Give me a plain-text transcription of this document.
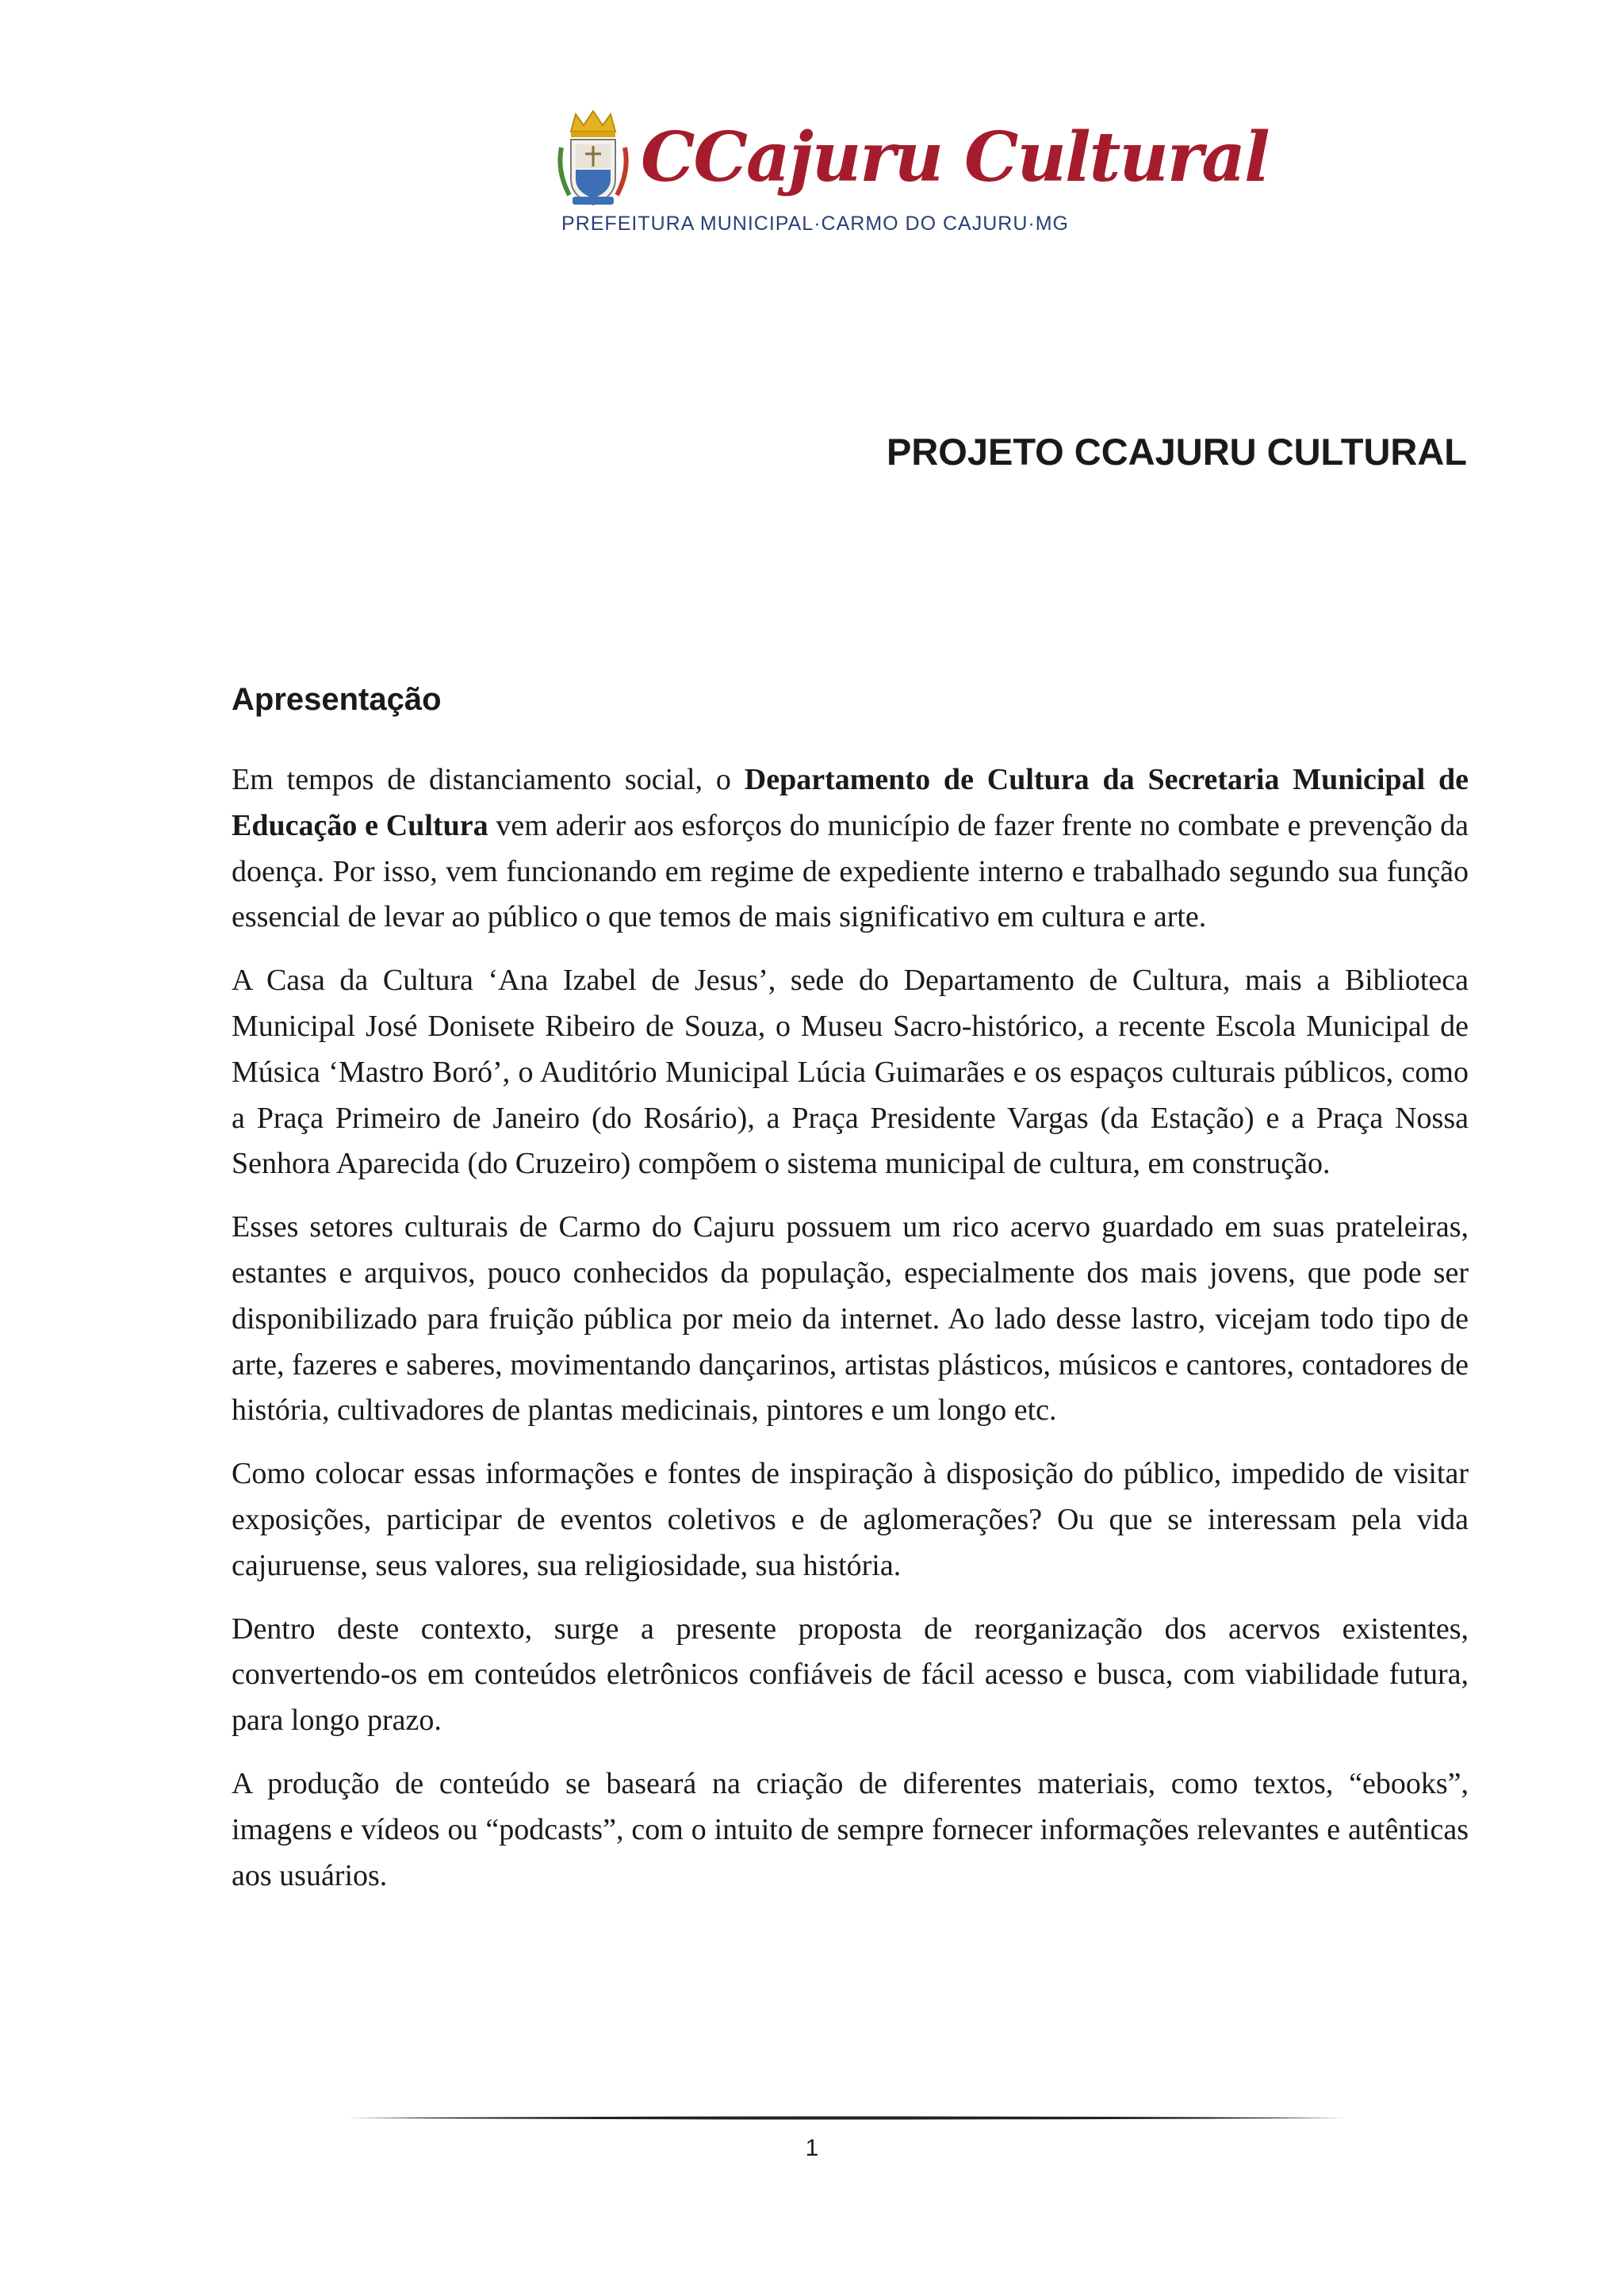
CCajuru Cultural
PREFEITURA MUNICIPAL·CARMO DO CAJURU·MG
PROJETO CCAJURU CULTURAL
Apresentação

Em tempos de distanciamento social, o Departamento de Cultura da Secretaria Municipal de Educação e Cultura vem aderir aos esforços do município de fazer frente no combate e prevenção da doença. Por isso, vem funcionando em regime de expediente interno e trabalhado segundo sua função essencial de levar ao público o que temos de mais significativo em cultura e arte.

A Casa da Cultura ‘Ana Izabel de Jesus’, sede do Departamento de Cultura, mais a Biblioteca Municipal José Donisete Ribeiro de Souza, o Museu Sacro-histórico, a recente Escola Municipal de Música ‘Mastro Boró’, o Auditório Municipal Lúcia Guimarães e os espaços culturais públicos, como a Praça Primeiro de Janeiro (do Rosário), a Praça Presidente Vargas (da Estação) e a Praça Nossa Senhora Aparecida (do Cruzeiro) compõem o sistema municipal de cultura, em construção.

Esses setores culturais de Carmo do Cajuru possuem um rico acervo guardado em suas prateleiras, estantes e arquivos, pouco conhecidos da população, especialmente dos mais jovens, que pode ser disponibilizado para fruição pública por meio da internet. Ao lado desse lastro, vicejam todo tipo de arte, fazeres e saberes, movimentando dançarinos, artistas plásticos, músicos e cantores, contadores de história, cultivadores de plantas medicinais, pintores e um longo etc.

Como colocar essas informações e fontes de inspiração à disposição do público, impedido de visitar exposições, participar de eventos coletivos e de aglomerações? Ou que se interessam pela vida cajuruense, seus valores, sua religiosidade, sua história.

Dentro deste contexto, surge a presente proposta de reorganização dos acervos existentes, convertendo-os em conteúdos eletrônicos confiáveis de fácil acesso e busca, com viabilidade futura, para longo prazo.

A produção de conteúdo se baseará na criação de diferentes materiais, como textos, “ebooks”, imagens e vídeos ou “podcasts”, com o intuito de sempre fornecer informações relevantes e autênticas aos usuários.

1
